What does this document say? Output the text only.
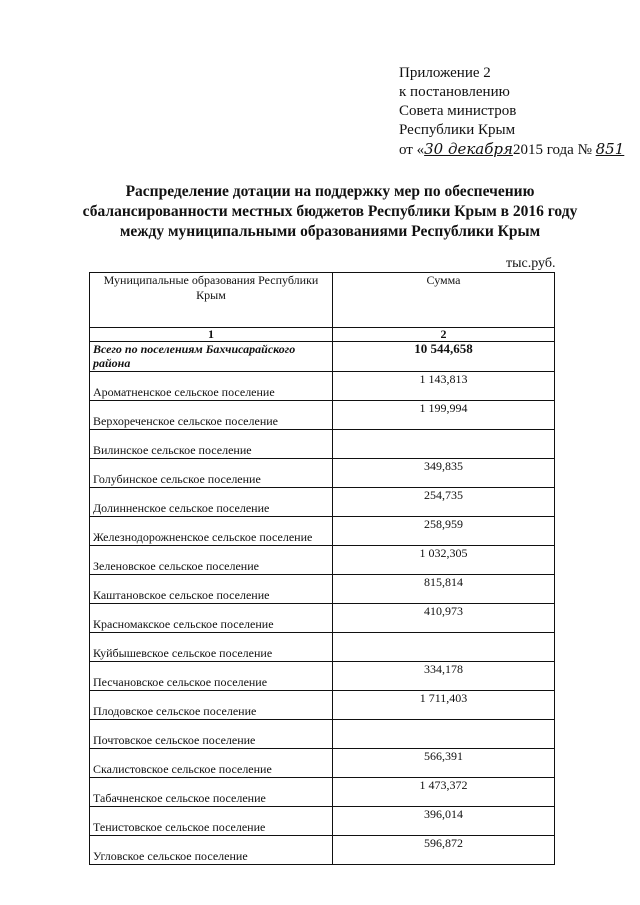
Приложение 2
к постановлению
Совета министров
Республики Крым
от «30 декабря2015 года № 851
Распределение дотации на поддержку мер по обеспечению
сбалансированности местных бюджетов Республики Крым в 2016 году
между муниципальными образованиями Республики Крым
тыс.руб.
Муниципальные образования Республики Крым	Сумма
1	2
Всего по поселениям Бахчисарайского района	10 544,658
Ароматненское сельское поселение	1 143,813
Верхореченское сельское поселение	1 199,994
Вилинское сельское поселение	
Голубинское сельское поселение	349,835
Долинненское сельское поселение	254,735
Железнодорожненское сельское поселение	258,959
Зеленовское сельское поселение	1 032,305
Каштановское сельское поселение	815,814
Красномакское сельское поселение	410,973
Куйбышевское сельское поселение	
Песчановское сельское поселение	334,178
Плодовское сельское поселение	1 711,403
Почтовское сельское поселение	
Скалистовское сельское поселение	566,391
Табачненское сельское поселение	1 473,372
Тенистовское сельское поселение	396,014
Угловское сельское поселение	596,872
